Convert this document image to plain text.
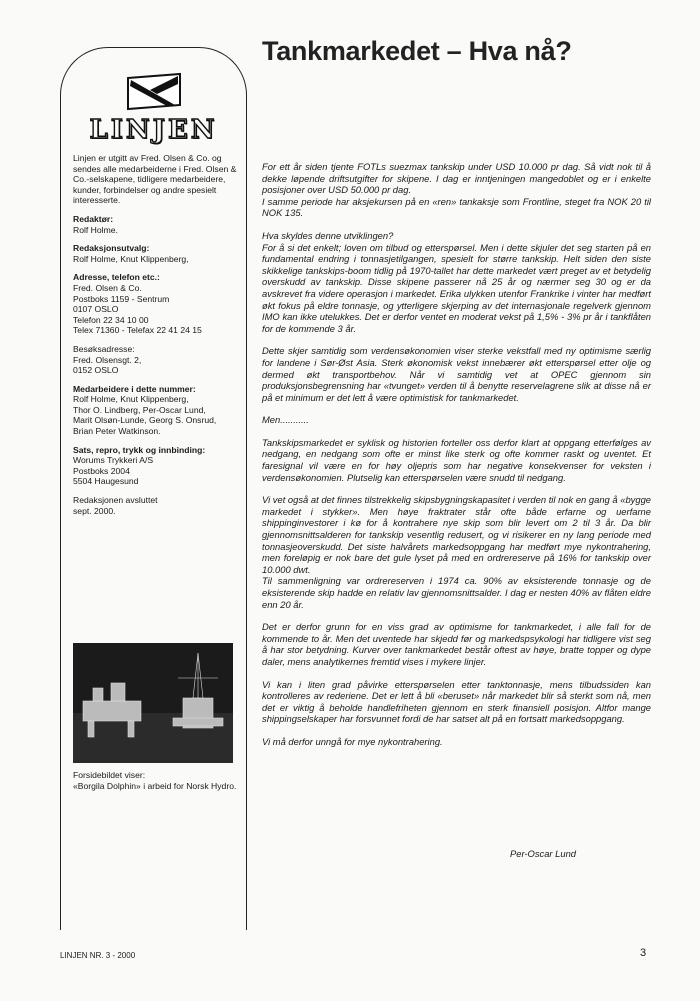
LINJEN

Linjen er utgitt av Fred. Olsen & Co. og sendes alle medarbeiderne i Fred. Olsen & Co.-selskapene, tidligere medarbeidere, kunder, forbindelser og andre spesielt interesserte.

Redaktør:
Rolf Holme.

Redaksjonsutvalg:
Rolf Holme, Knut Klippenberg,

Adresse, telefon etc.:
Fred. Olsen & Co.
Postboks 1159 - Sentrum
0107 OSLO
Telefon 22 34 10 00
Telex 71360 - Telefax 22 41 24 15

Besøksadresse:
Fred. Olsensgt. 2,
0152 OSLO

Medarbeidere i dette nummer:
Rolf Holme, Knut Klippenberg,
Thor O. Lindberg, Per-Oscar Lund,
Marit Olsøn-Lunde, Georg S. Onsrud,
Brian Peter Watkinson.

Sats, repro, trykk og innbinding:
Worums Trykkeri A/S
Postboks 2004
5504 Haugesund

Redaksjonen avsluttet
sept. 2000.

Forsidebildet viser:
«Borgila Dolphin» i arbeid for Norsk Hydro.
Tankmarkedet – Hva nå?

For ett år siden tjente FOTLs suezmax tankskip under USD 10.000 pr dag. Så vidt nok til å dekke løpende driftsutgifter for skipene. I dag er inntjeningen mangedoblet og er i enkelte posisjoner over USD 50.000 pr dag.
I samme periode har aksjekursen på en «ren» tankaksje som Frontline, steget fra NOK 20 til NOK 135.

Hva skyldes denne utviklingen?
For å si det enkelt; loven om tilbud og etterspørsel. Men i dette skjuler det seg starten på en fundamental endring i tonnasjetilgangen, spesielt for større tankskip. Helt siden den siste skikkelige tankskips-boom tidlig på 1970-tallet har dette markedet vært preget av et betydelig overskudd av tankskip. Disse skipene passerer nå 25 år og nærmer seg 30 og er da avskrevet fra videre operasjon i markedet. Erika ulykken utenfor Frankrike i vinter har medført økt fokus på eldre tonnasje, og ytterligere skjerping av det internasjonale regelverk gjennom IMO kan ikke utelukkes. Det er derfor ventet en moderat vekst på 1,5% - 3% pr år i tankflåten for de kommende 3 år.

Dette skjer samtidig som verdensøkonomien viser sterke vekstfall med ny optimisme særlig for landene i Sør-Øst Asia. Sterk økonomisk vekst innebærer økt etterspørsel etter olje og dermed økt transportbehov. Når vi samtidig vet at OPEC gjennom sin produksjonsbegrensning har «tvunget» verden til å benytte reservelagrene slik at disse nå er på et minimum er det lett å være optimistisk for tankmarkedet.

Men...........

Tankskipsmarkedet er syklisk og historien forteller oss derfor klart at oppgang etterfølges av nedgang, en nedgang som ofte er minst like sterk og ofte kommer raskt og uventet. Et faresignal vil være en for høy oljepris som har negative konsekvenser for veksten i verdensøkonomien. Plutselig kan etterspørselen være snudd til nedgang.

Vi vet også at det finnes tilstrekkelig skipsbygningskapasitet i verden til nok en gang å «bygge markedet i stykker». Men høye fraktrater står ofte både erfarne og uerfarne shippinginvestorer i kø for å kontrahere nye skip som blir levert om 2 til 3 år. Da blir gjennomsnittsalderen for tankskip vesentlig redusert, og vi risikerer en ny lang periode med tonnasjeoverskudd. Det siste halvårets markedsoppgang har medført mye nykontrahering, men foreløpig er nok bare det gule lyset på med en ordrereserve på 16% for tankskip over 10.000 dwt.
Til sammenligning var ordrereserven i 1974 ca. 90% av eksisterende tonnasje og de eksisterende skip hadde en relativ lav gjennomsnittsalder. I dag er nesten 40% av flåten eldre enn 20 år.

Det er derfor grunn for en viss grad av optimisme for tankmarkedet, i alle fall for de kommende to år. Men det uventede har skjedd før og markedspsykologi har tidligere vist seg å har stor betydning. Kurver over tankmarkedet består oftest av høye, bratte topper og dype daler, mens analytikernes fremtid vises i mykere linjer.

Vi kan i liten grad påvirke etterspørselen etter tanktonnasje, mens tilbudssiden kan kontrolleres av rederiene. Det er lett å bli «beruset» når markedet blir så sterkt som nå, men det er viktig å beholde handlefriheten gjennom en sterk finansiell posisjon. Altfor mange shippingselskaper har forsvunnet fordi de har satset alt på en fortsatt markedsoppgang.

Vi må derfor unngå for mye nykontrahering.

Per-Oscar Lund
LINJEN NR. 3 - 2000	3
